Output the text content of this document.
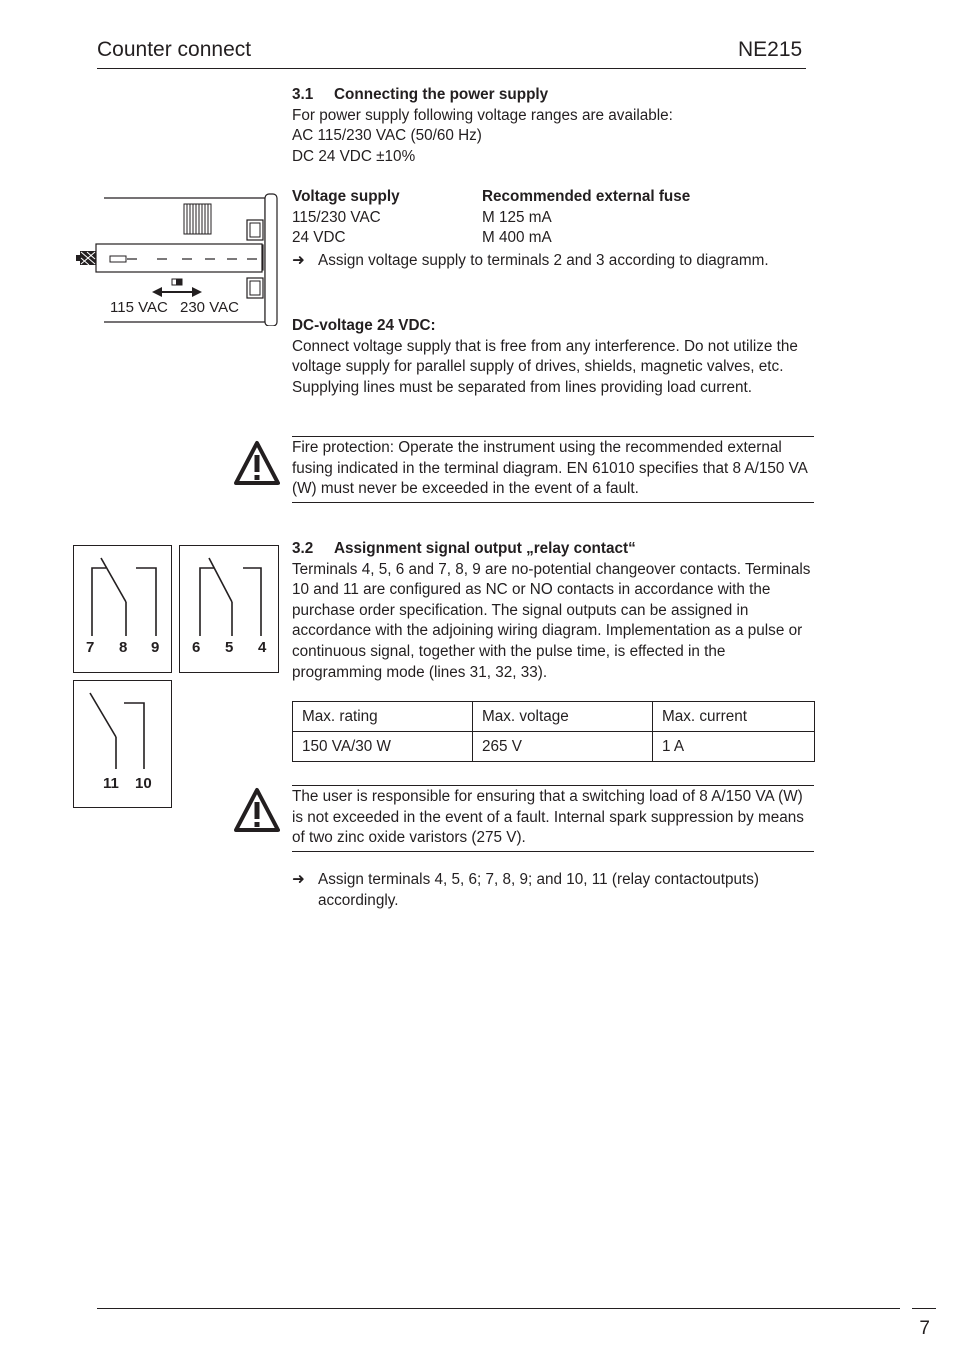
Counter connect	NE215

3.1 Connecting the power supply

For power supply following voltage ranges are available:

AC 115/230 VAC (50/60 Hz)

DC 24 VDC ±10%

Voltage supply	Recommended external fuse
115/230 VAC	M 125 mA
24 VDC	M 400 mA
➜ Assign voltage supply to terminals 2 and 3 according to diagramm.

DC-voltage 24 VDC:

Connect voltage supply that is free from any interference. Do not utilize the voltage supply for parallel supply of drives, shields, magnetic valves, etc. Supplying lines must be separated from lines providing load current.

Fire protection: Operate the instrument using the recommended external fusing indicated in the terminal diagram. EN 61010 specifies that 8 A/150 VA (W) must never be exceeded in the event of a fault.

115 VAC 230 VAC
7 8 9 6 5 4
11 10

3.2 Assignment signal output „relay contact“

Terminals 4, 5, 6 and 7, 8, 9 are no-potential changeover contacts. Terminals 10 and 11 are configured as NC or NO contacts in accordance with the purchase order specification. The signal outputs can be assigned in accordance with the adjoining wiring diagram. Implementation as a pulse or continuous signal, together with the pulse time, is effected in the programming mode (lines 31, 32, 33).

Max. rating	Max. voltage	Max. current
150 VA/30 W	265 V	1 A

The user is responsible for ensuring that a switching load of 8 A/150 VA (W) is not exceeded in the event of a fault. Internal spark suppression by means of two zinc oxide varistors (275 V).

➜ Assign terminals 4, 5, 6; 7, 8, 9; and 10, 11 (relay contactoutputs) accordingly.
7
